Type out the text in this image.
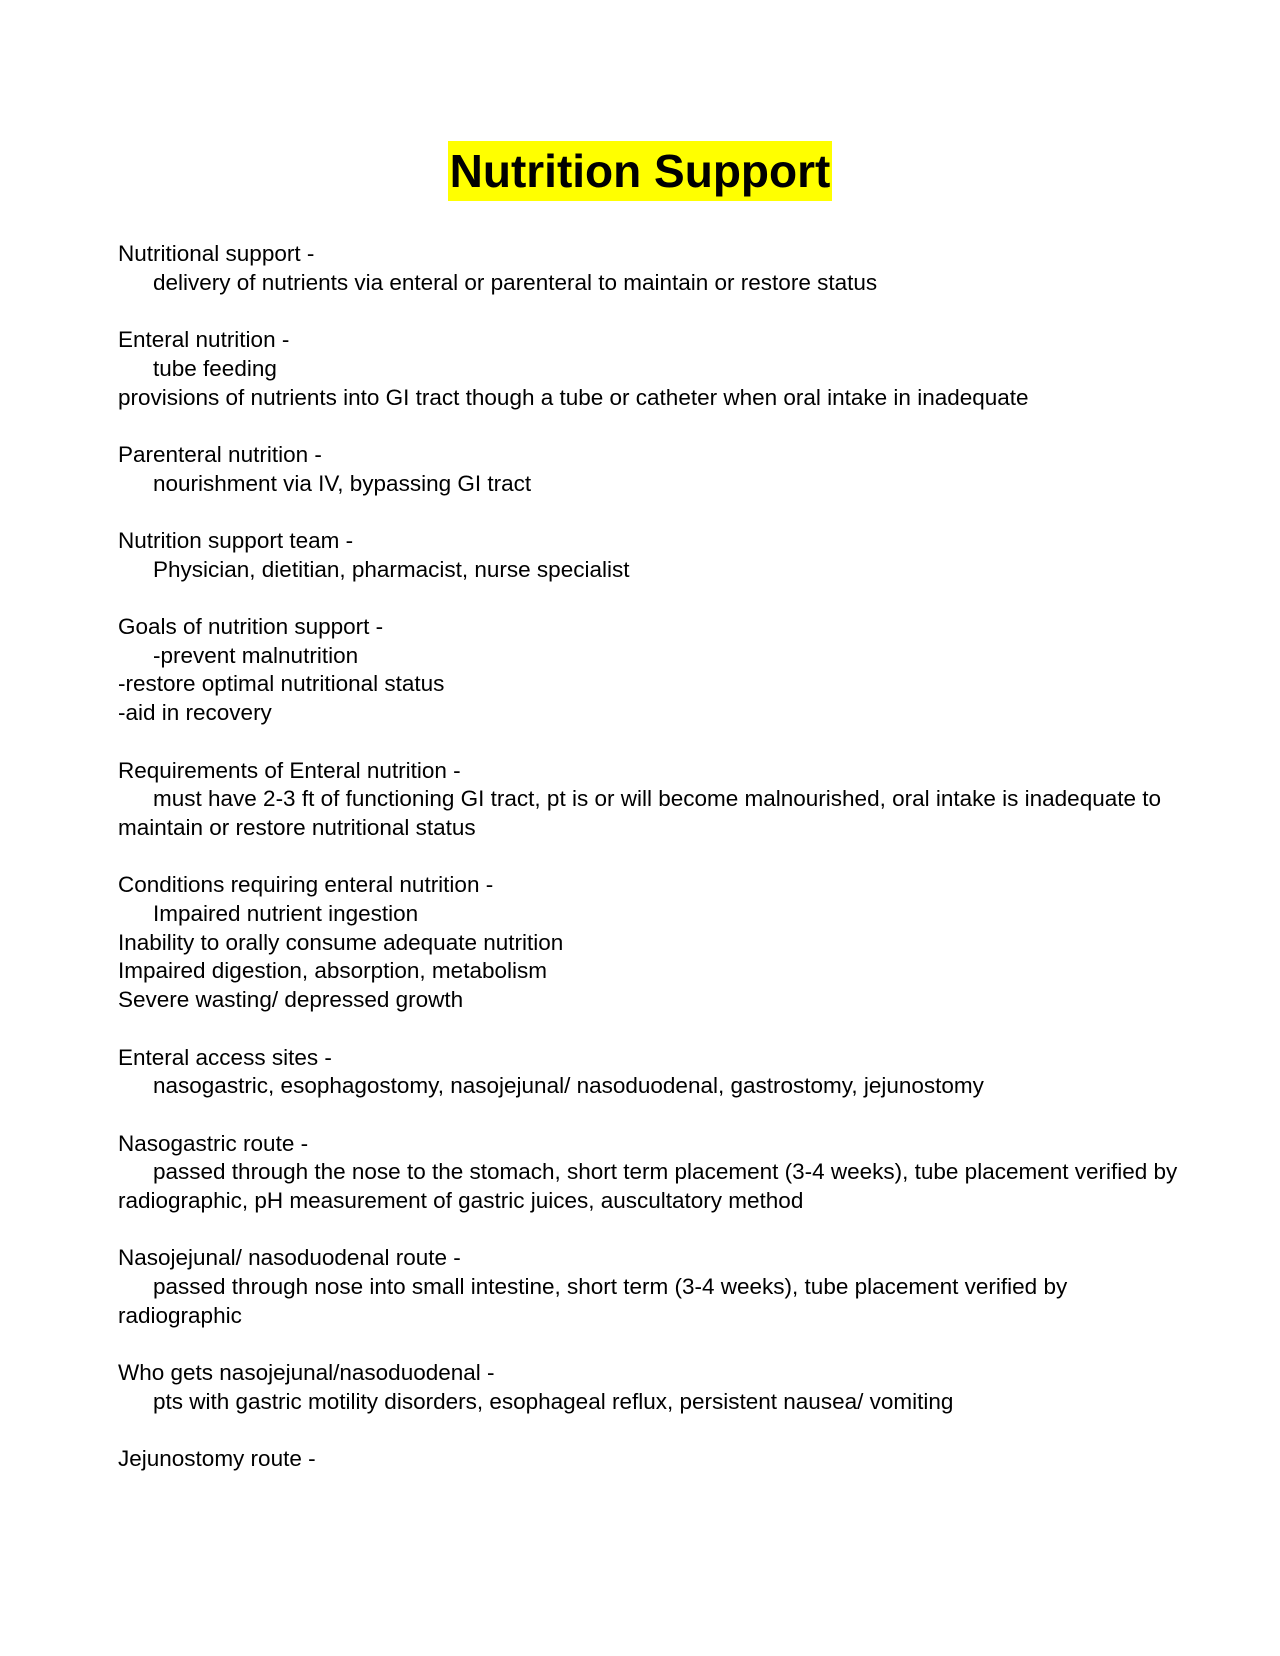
Nutrition Support
Nutritional support -
delivery of nutrients via enteral or parenteral to maintain or restore status
Enteral nutrition -
tube feeding
provisions of nutrients into GI tract though a tube or catheter when oral intake in inadequate
Parenteral nutrition -
nourishment via IV, bypassing GI tract
Nutrition support team -
Physician, dietitian, pharmacist, nurse specialist
Goals of nutrition support -
-prevent malnutrition
-restore optimal nutritional status
-aid in recovery
Requirements of Enteral nutrition -
must have 2-3 ft of functioning GI tract, pt is or will become malnourished, oral intake is inadequate to maintain or restore nutritional status
Conditions requiring enteral nutrition -
Impaired nutrient ingestion
Inability to orally consume adequate nutrition
Impaired digestion, absorption, metabolism
Severe wasting/ depressed growth
Enteral access sites -
nasogastric, esophagostomy, nasojejunal/ nasoduodenal, gastrostomy, jejunostomy
Nasogastric route -
passed through the nose to the stomach, short term placement (3-4 weeks), tube placement verified by radiographic, pH measurement of gastric juices, auscultatory method
Nasojejunal/ nasoduodenal route -
passed through nose into small intestine, short term (3-4 weeks), tube placement verified by radiographic
Who gets nasojejunal/nasoduodenal -
pts with gastric motility disorders, esophageal reflux, persistent nausea/ vomiting
Jejunostomy route -
